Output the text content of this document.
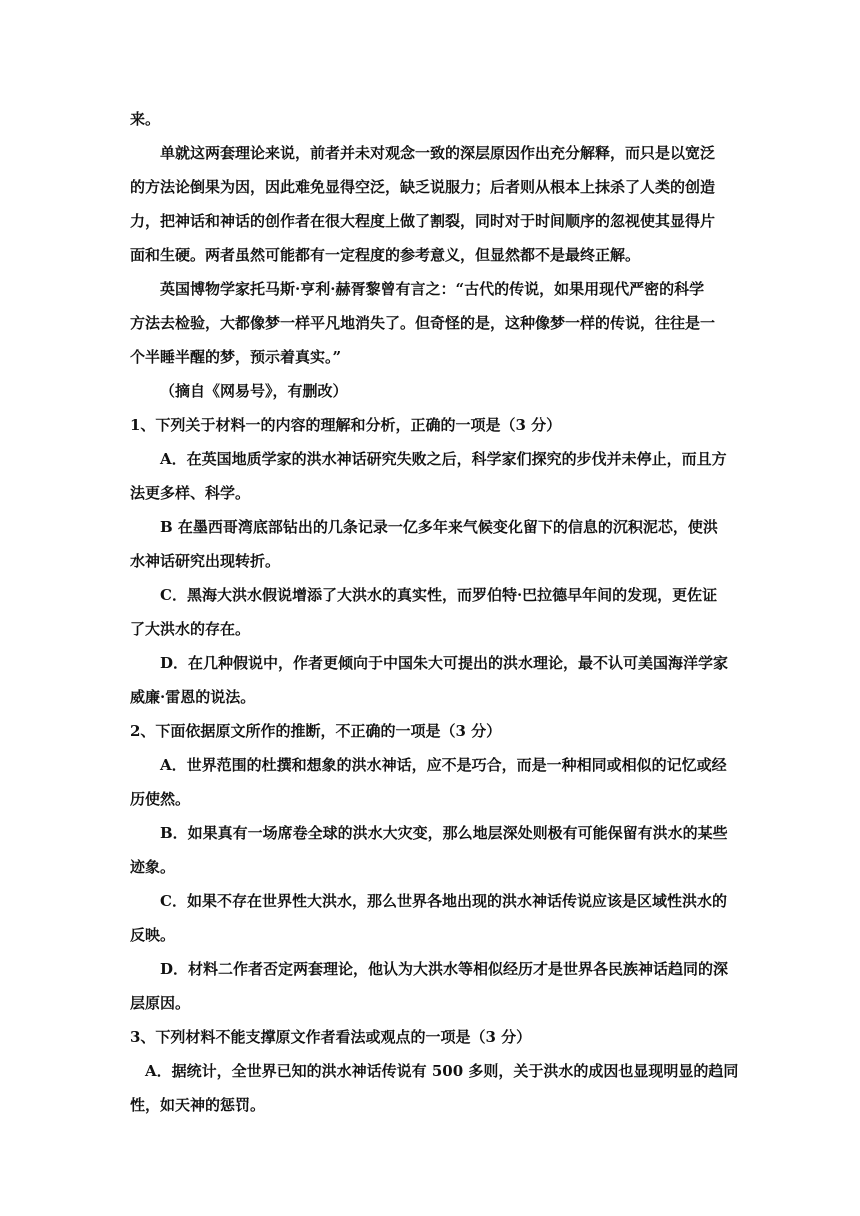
来。
单就这两套理论来说，前者并未对观念一致的深层原因作出充分解释，而只是以宽泛
的方法论倒果为因，因此难免显得空泛，缺乏说服力；后者则从根本上抹杀了人类的创造
力，把神话和神话的创作者在很大程度上做了割裂，同时对于时间顺序的忽视使其显得片
面和生硬。两者虽然可能都有一定程度的参考意义，但显然都不是最终正解。
英国博物学家托马斯·亨利·赫胥黎曾有言之：“古代的传说，如果用现代严密的科学
方法去检验，大都像梦一样平凡地消失了。但奇怪的是，这种像梦一样的传说，往往是一
个半睡半醒的梦，预示着真实。”
（摘自《网易号》，有删改）
1、下列关于材料一的内容的理解和分析，正确的一项是（3 分）
A．在英国地质学家的洪水神话研究失败之后，科学家们探究的步伐并未停止，而且方
法更多样、科学。
B 在墨西哥湾底部钻出的几条记录一亿多年来气候变化留下的信息的沉积泥芯，使洪
水神话研究出现转折。
C．黑海大洪水假说增添了大洪水的真实性，而罗伯特·巴拉德早年间的发现，更佐证
了大洪水的存在。
D．在几种假说中，作者更倾向于中国朱大可提出的洪水理论，最不认可美国海洋学家
威廉·雷恩的说法。
2、下面依据原文所作的推断，不正确的一项是（3 分）
A．世界范围的杜撰和想象的洪水神话，应不是巧合，而是一种相同或相似的记忆或经
历使然。
B．如果真有一场席卷全球的洪水大灾变，那么地层深处则极有可能保留有洪水的某些
迹象。
C．如果不存在世界性大洪水，那么世界各地出现的洪水神话传说应该是区域性洪水的
反映。
D．材料二作者否定两套理论，他认为大洪水等相似经历才是世界各民族神话趋同的深
层原因。
3、下列材料不能支撑原文作者看法或观点的一项是（3 分）
A．据统计，全世界已知的洪水神话传说有 500 多则，关于洪水的成因也显现明显的趋同
性，如天神的惩罚。
